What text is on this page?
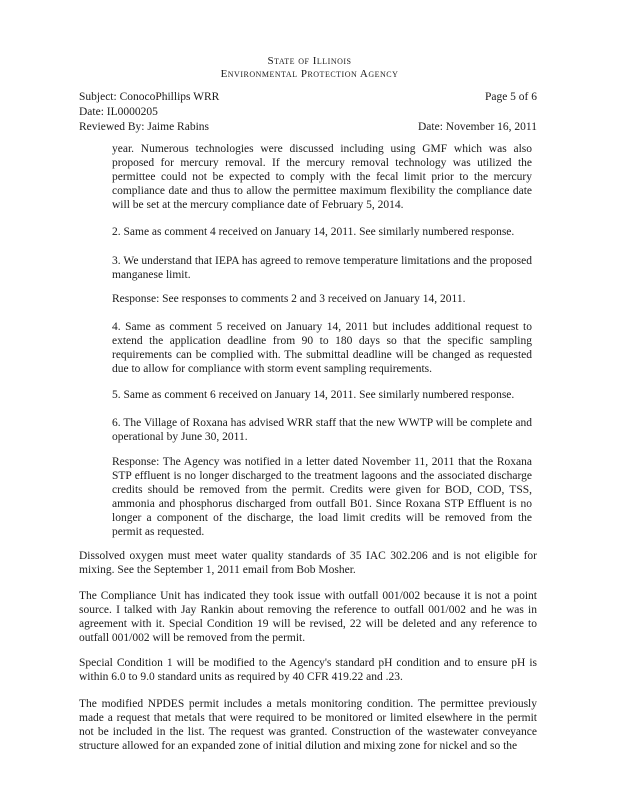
State of Illinois
Environmental Protection Agency
Subject: ConocoPhillips WRR	Page 5 of 6
Date: IL0000205
Reviewed By: Jaime Rabins	Date: November 16, 2011

year. Numerous technologies were discussed including using GMF which was also proposed for mercury removal. If the mercury removal technology was utilized the permittee could not be expected to comply with the fecal limit prior to the mercury compliance date and thus to allow the permittee maximum flexibility the compliance date will be set at the mercury compliance date of February 5, 2014.

2. Same as comment 4 received on January 14, 2011. See similarly numbered response.

3. We understand that IEPA has agreed to remove temperature limitations and the proposed manganese limit.

Response: See responses to comments 2 and 3 received on January 14, 2011.

4. Same as comment 5 received on January 14, 2011 but includes additional request to extend the application deadline from 90 to 180 days so that the specific sampling requirements can be complied with. The submittal deadline will be changed as requested due to allow for compliance with storm event sampling requirements.

5. Same as comment 6 received on January 14, 2011. See similarly numbered response.

6. The Village of Roxana has advised WRR staff that the new WWTP will be complete and operational by June 30, 2011.

Response: The Agency was notified in a letter dated November 11, 2011 that the Roxana STP effluent is no longer discharged to the treatment lagoons and the associated discharge credits should be removed from the permit. Credits were given for BOD, COD, TSS, ammonia and phosphorus discharged from outfall B01. Since Roxana STP Effluent is no longer a component of the discharge, the load limit credits will be removed from the permit as requested.

Dissolved oxygen must meet water quality standards of 35 IAC 302.206 and is not eligible for mixing. See the September 1, 2011 email from Bob Mosher.

The Compliance Unit has indicated they took issue with outfall 001/002 because it is not a point source. I talked with Jay Rankin about removing the reference to outfall 001/002 and he was in agreement with it. Special Condition 19 will be revised, 22 will be deleted and any reference to outfall 001/002 will be removed from the permit.

Special Condition 1 will be modified to the Agency's standard pH condition and to ensure pH is within 6.0 to 9.0 standard units as required by 40 CFR 419.22 and .23.

The modified NPDES permit includes a metals monitoring condition. The permittee previously made a request that metals that were required to be monitored or limited elsewhere in the permit not be included in the list. The request was granted. Construction of the wastewater conveyance structure allowed for an expanded zone of initial dilution and mixing zone for nickel and so the
